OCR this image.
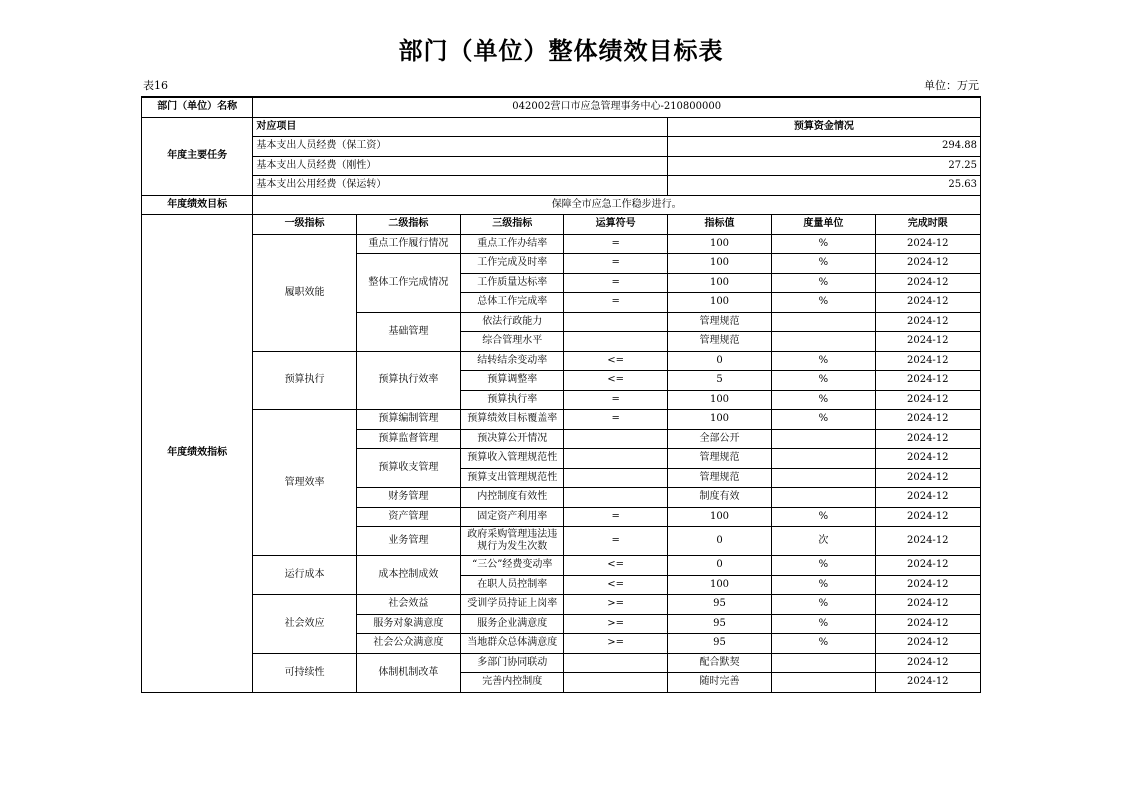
部门（单位）整体绩效目标表
表16	单位：万元
部门（单位）名称	042002营口市应急管理事务中心-210800000						
年度主要任务	对应项目				预算资金情况		
	基本支出人员经费（保工资）				294.88		
	基本支出人员经费（刚性）				27.25		
	基本支出公用经费（保运转）				25.63		
年度绩效目标	保障全市应急工作稳步进行。						
年度绩效指标	一级指标	二级指标	三级指标	运算符号	指标值	度量单位	完成时限
	履职效能	重点工作履行情况	重点工作办结率	=	100	%	2024-12
		整体工作完成情况	工作完成及时率	=	100	%	2024-12
			工作质量达标率	=	100	%	2024-12
			总体工作完成率	=	100	%	2024-12
		基础管理	依法行政能力		管理规范		2024-12
			综合管理水平		管理规范		2024-12
	预算执行	预算执行效率	结转结余变动率	<=	0	%	2024-12
			预算调整率	<=	5	%	2024-12
			预算执行率	=	100	%	2024-12
	管理效率	预算编制管理	预算绩效目标覆盖率	=	100	%	2024-12
		预算监督管理	预决算公开情况		全部公开		2024-12
		预算收支管理	预算收入管理规范性		管理规范		2024-12
			预算支出管理规范性		管理规范		2024-12
		财务管理	内控制度有效性		制度有效		2024-12
		资产管理	固定资产利用率	=	100	%	2024-12
		业务管理	政府采购管理违法违规行为发生次数	=	0	次	2024-12
	运行成本	成本控制成效	“三公”经费变动率	<=	0	%	2024-12
			在职人员控制率	<=	100	%	2024-12
	社会效应	社会效益	受训学员持证上岗率	>=	95	%	2024-12
		服务对象满意度	服务企业满意度	>=	95	%	2024-12
		社会公众满意度	当地群众总体满意度	>=	95	%	2024-12
	可持续性	体制机制改革	多部门协同联动		配合默契		2024-12
			完善内控制度		随时完善		2024-12
